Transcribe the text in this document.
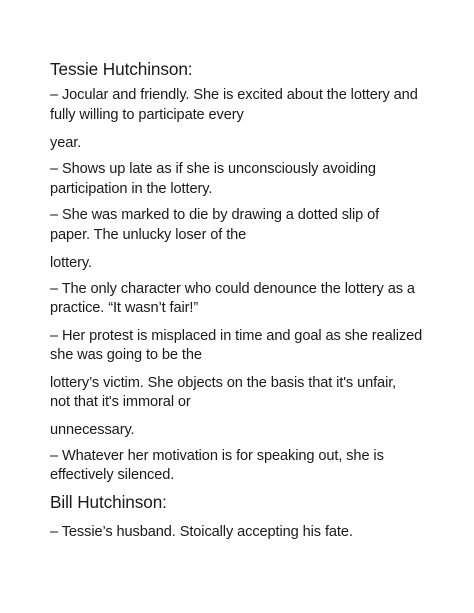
Tessie Hutchinson:
– Jocular and friendly. She is excited about the lottery and
fully willing to participate every
year.
– Shows up late as if she is unconsciously avoiding
participation in the lottery.
– She was marked to die by drawing a dotted slip of
paper. The unlucky loser of the
lottery.
– The only character who could denounce the lottery as a
practice. “It wasn’t fair!”
– Her protest is misplaced in time and goal as she realized
she was going to be the
lottery’s victim. She objects on the basis that it's unfair,
not that it's immoral or
unnecessary.
– Whatever her motivation is for speaking out, she is
effectively silenced.
Bill Hutchinson:
– Tessie’s husband. Stoically accepting his fate.
